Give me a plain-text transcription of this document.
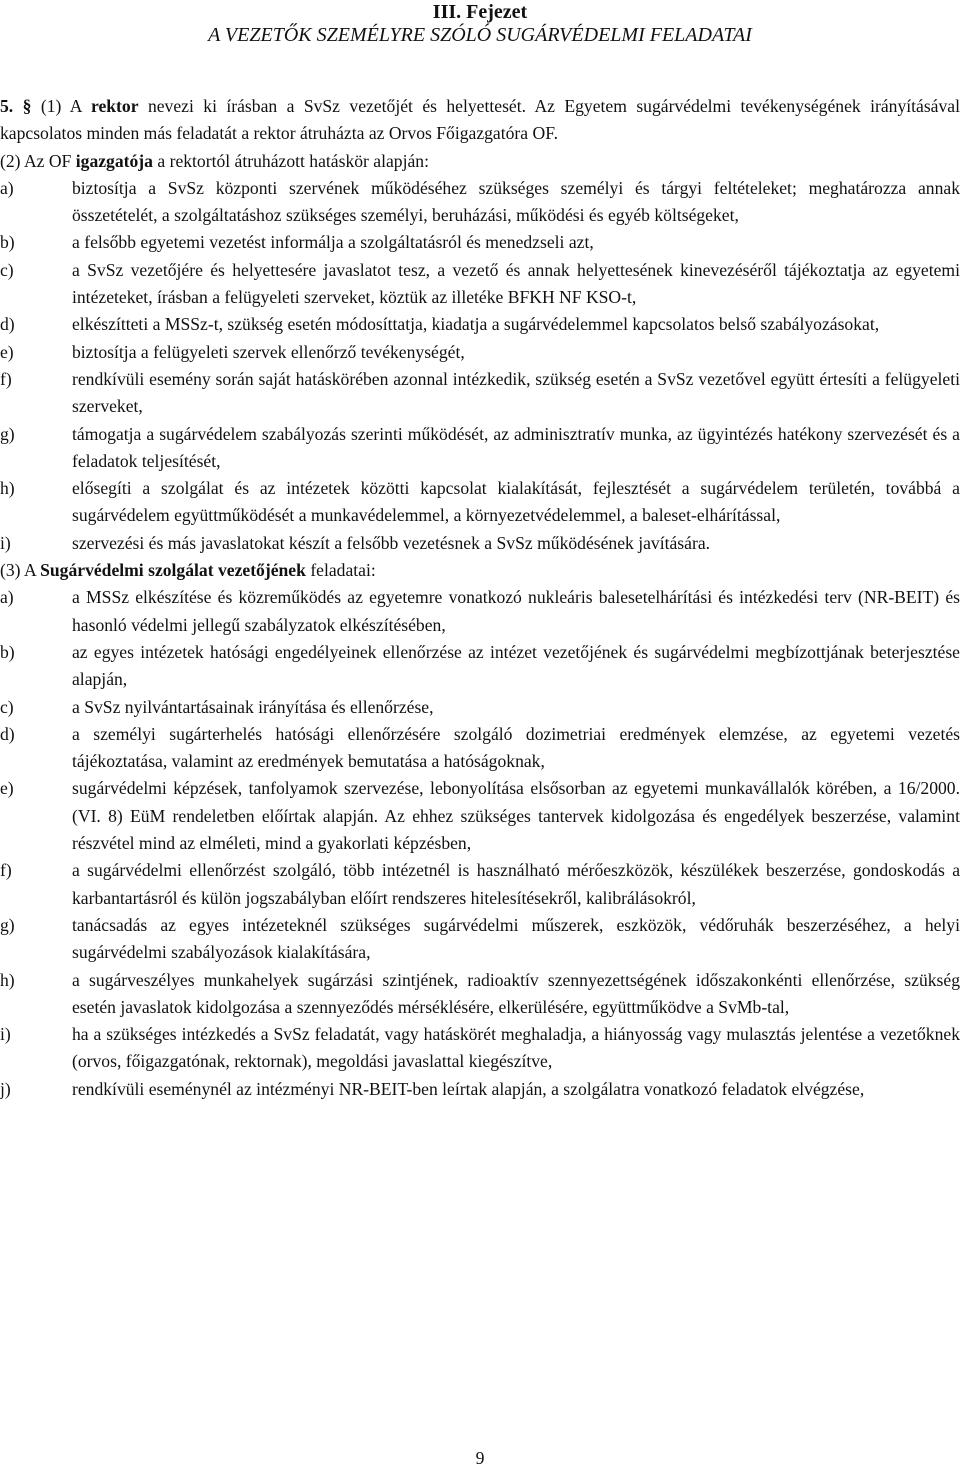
III. Fejezet
A VEZETŐK SZEMÉLYRE SZÓLÓ SUGÁRVÉDELMI FELADATAI

5. § (1) A rektor nevezi ki írásban a SvSz vezetőjét és helyettesét. Az Egyetem sugárvédelmi tevékenységének irányításával kapcsolatos minden más feladatát a rektor átruházta az Orvos Főigazgatóra OF.

(2) Az OF igazgatója a rektortól átruházott hatáskör alapján:

a)	biztosítja a SvSz központi szervének működéséhez szükséges személyi és tárgyi feltételeket; meghatározza annak összetételét, a szolgáltatáshoz szükséges személyi, beruházási, működési és egyéb költségeket,
b)	a felsőbb egyetemi vezetést informálja a szolgáltatásról és menedzseli azt,
c)	a SvSz vezetőjére és helyettesére javaslatot tesz, a vezető és annak helyettesének kinevezéséről tájékoztatja az egyetemi intézeteket, írásban a felügyeleti szerveket, köztük az illetéke BFKH NF KSO-t,
d)	elkészítteti a MSSz-t, szükség esetén módosíttatja, kiadatja a sugárvédelemmel kapcsolatos belső szabályozásokat,
e)	biztosítja a felügyeleti szervek ellenőrző tevékenységét,
f)	rendkívüli esemény során saját hatáskörében azonnal intézkedik, szükség esetén a SvSz vezetővel együtt értesíti a felügyeleti szerveket,
g)	támogatja a sugárvédelem szabályozás szerinti működését, az adminisztratív munka, az ügyintézés hatékony szervezését és a feladatok teljesítését,
h)	elősegíti a szolgálat és az intézetek közötti kapcsolat kialakítását, fejlesztését a sugárvédelem területén, továbbá a sugárvédelem együttműködését a munkavédelemmel, a környezetvédelemmel, a baleset-elhárítással,
i)	szervezési és más javaslatokat készít a felsőbb vezetésnek a SvSz működésének javítására.

(3) A Sugárvédelmi szolgálat vezetőjének feladatai:

a)	a MSSz elkészítése és közreműködés az egyetemre vonatkozó nukleáris balesetelhárítási és intézkedési terv (NR-BEIT) és hasonló védelmi jellegű szabályzatok elkészítésében,
b)	az egyes intézetek hatósági engedélyeinek ellenőrzése az intézet vezetőjének és sugárvédelmi megbízottjának beterjesztése alapján,
c)	a SvSz nyilvántartásainak irányítása és ellenőrzése,
d)	a személyi sugárterhelés hatósági ellenőrzésére szolgáló dozimetriai eredmények elemzése, az egyetemi vezetés tájékoztatása, valamint az eredmények bemutatása a hatóságoknak,
e)	sugárvédelmi képzések, tanfolyamok szervezése, lebonyolítása elsősorban az egyetemi munkavállalók körében, a 16/2000. (VI. 8) EüM rendeletben előírtak alapján. Az ehhez szükséges tantervek kidolgozása és engedélyek beszerzése, valamint részvétel mind az elméleti, mind a gyakorlati képzésben,
f)	a sugárvédelmi ellenőrzést szolgáló, több intézetnél is használható mérőeszközök, készülékek beszerzése, gondoskodás a karbantartásról és külön jogszabályban előírt rendszeres hitelesítésekről, kalibrálásokról,
g)	tanácsadás az egyes intézeteknél szükséges sugárvédelmi műszerek, eszközök, védőruhák beszerzéséhez, a helyi sugárvédelmi szabályozások kialakítására,
h)	a sugárveszélyes munkahelyek sugárzási szintjének, radioaktív szennyezettségének időszakonkénti ellenőrzése, szükség esetén javaslatok kidolgozása a szennyeződés mérséklésére, elkerülésére, együttműködve a SvMb-tal,
i)	ha a szükséges intézkedés a SvSz feladatát, vagy hatáskörét meghaladja, a hiányosság vagy mulasztás jelentése a vezetőknek (orvos, főigazgatónak, rektornak), megoldási javaslattal kiegészítve,
j)	rendkívüli eseménynél az intézményi NR-BEIT-ben leírtak alapján, a szolgálatra vonatkozó feladatok elvégzése,
9
